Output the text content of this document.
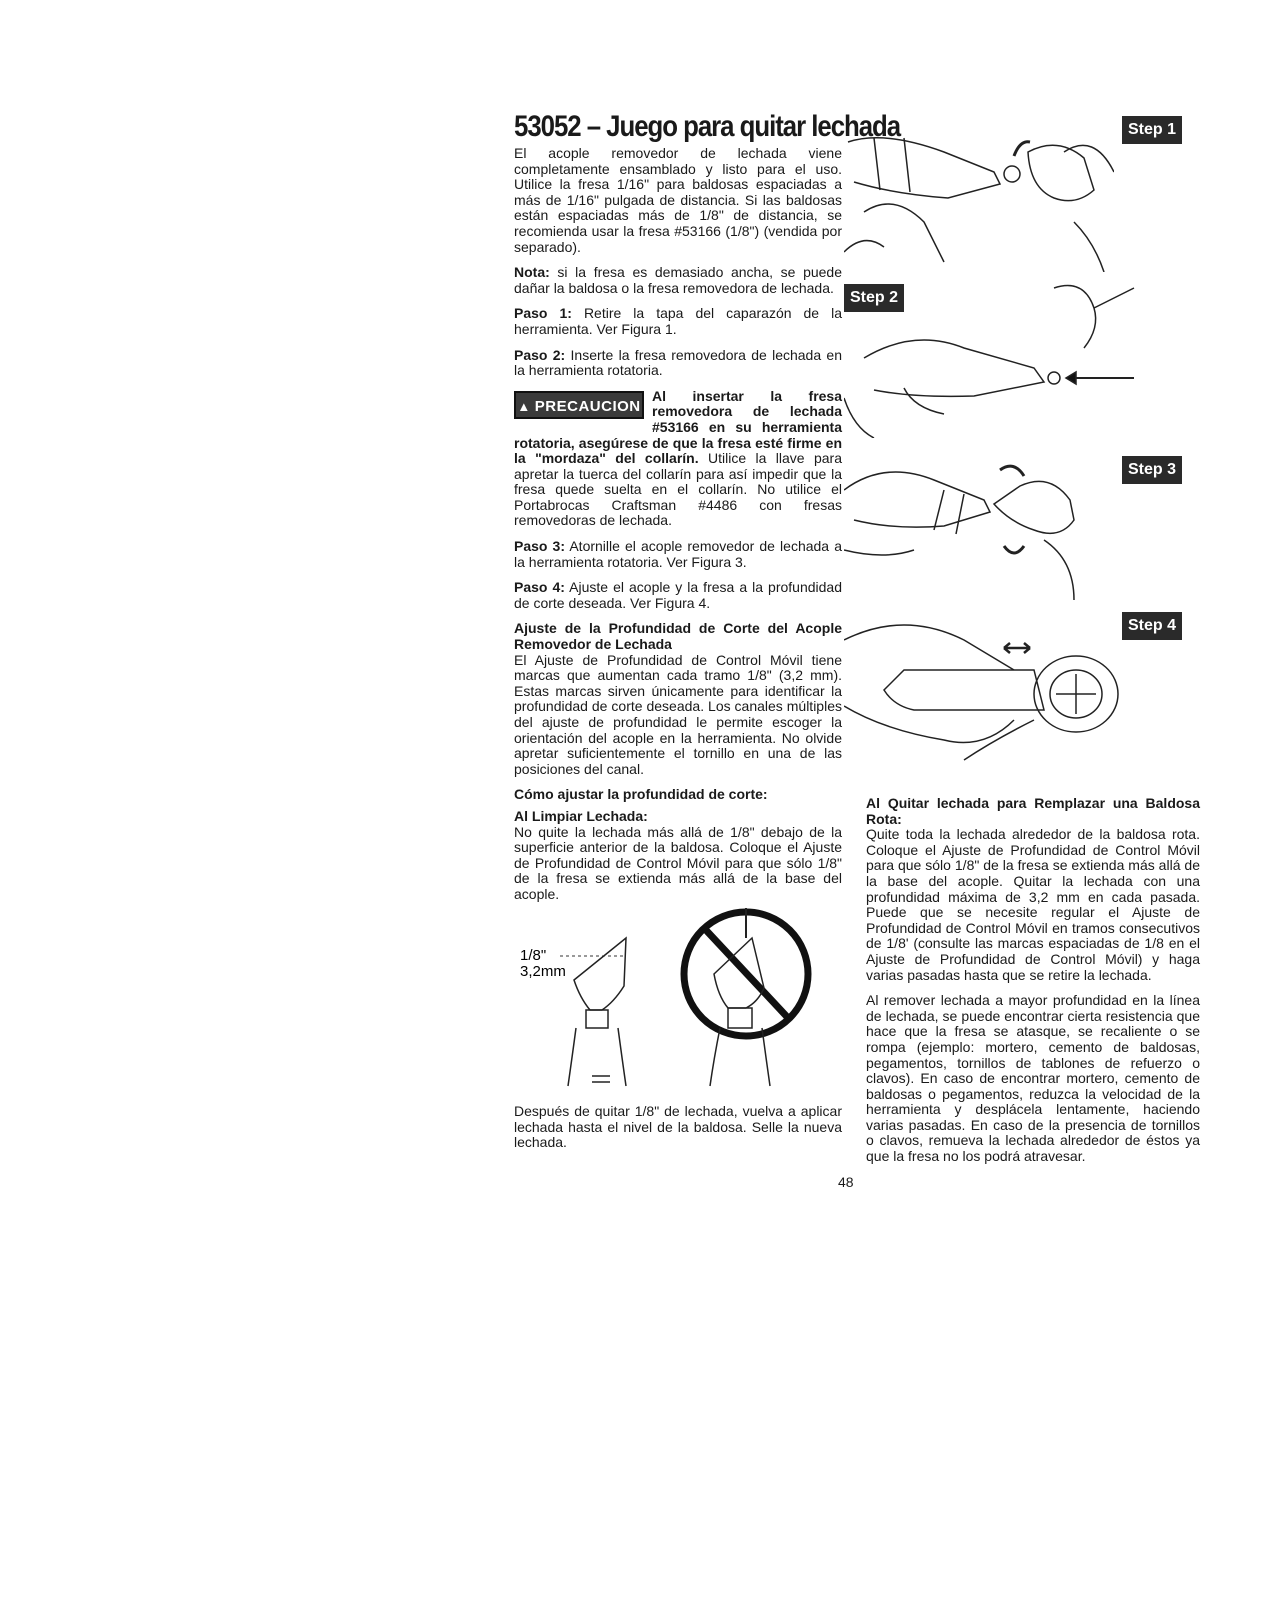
53052 – Juego para quitar lechada

El acople removedor de lechada viene completamente ensamblado y listo para el uso. Utilice la fresa 1/16" para baldosas espaciadas a más de 1/16" pulgada de distancia. Si las baldosas están espaciadas más de 1/8" de distancia, se recomienda usar la fresa #53166 (1/8") (vendida por separado).

Nota: si la fresa es demasiado ancha, se puede dañar la baldosa o la fresa removedora de lechada.

Paso 1: Retire la tapa del caparazón de la herramienta. Ver Figura 1.

Paso 2: Inserte la fresa removedora de lechada en la herramienta rotatoria.

▲ PRECAUCION

Al insertar la fresa removedora de lechada #53166 en su herramienta rotatoria, asegúrese de que la fresa esté firme en la "mordaza" del collarín. Utilice la llave para apretar la tuerca del collarín para así impedir que la fresa quede suelta en el collarín. No utilice el Portabrocas Craftsman #4486 con fresas removedoras de lechada.

Paso 3: Atornille el acople removedor de lechada a la herramienta rotatoria. Ver Figura 3.

Paso 4: Ajuste el acople y la fresa a la profundidad de corte deseada. Ver Figura 4.

Ajuste de la Profundidad de Corte del Acople Removedor de Lechada

El Ajuste de Profundidad de Control Móvil tiene marcas que aumentan cada tramo 1/8" (3,2 mm). Estas marcas sirven únicamente para identificar la profundidad de corte deseada. Los canales múltiples del ajuste de profundidad le permite escoger la orientación del acople en la herramienta. No olvide apretar suficientemente el tornillo en una de las posiciones del canal.

Cómo ajustar la profundidad de corte:

Al Limpiar Lechada:

No quite la lechada más allá de 1/8" debajo de la superficie anterior de la baldosa. Coloque el Ajuste de Profundidad de Control Móvil para que sólo 1/8" de la fresa se extienda más allá de la base del acople.

1/8"
3,2mm

Después de quitar 1/8" de lechada, vuelva a aplicar lechada hasta el nivel de la baldosa. Selle la nueva lechada.

Step 1
Step 2
Step 3
Step 4

Al Quitar lechada para Remplazar una Baldosa Rota:

Quite toda la lechada alrededor de la baldosa rota. Coloque el Ajuste de Profundidad de Control Móvil para que sólo 1/8" de la fresa se extienda más allá de la base del acople. Quitar la lechada con una profundidad máxima de 3,2 mm en cada pasada. Puede que se necesite regular el Ajuste de Profundidad de Control Móvil en tramos consecutivos de 1/8' (consulte las marcas espaciadas de 1/8 en el Ajuste de Profundidad de Control Móvil) y haga varias pasadas hasta que se retire la lechada.

Al remover lechada a mayor profundidad en la línea de lechada, se puede encontrar cierta resistencia que hace que la fresa se atasque, se recaliente o se rompa (ejemplo: mortero, cemento de baldosas, pegamentos, tornillos de tablones de refuerzo o clavos). En caso de encontrar mortero, cemento de baldosas o pegamentos, reduzca la velocidad de la herramienta y desplácela lentamente, haciendo varias pasadas. En caso de la presencia de tornillos o clavos, remueva la lechada alrededor de éstos ya que la fresa no los podrá atravesar.

48
